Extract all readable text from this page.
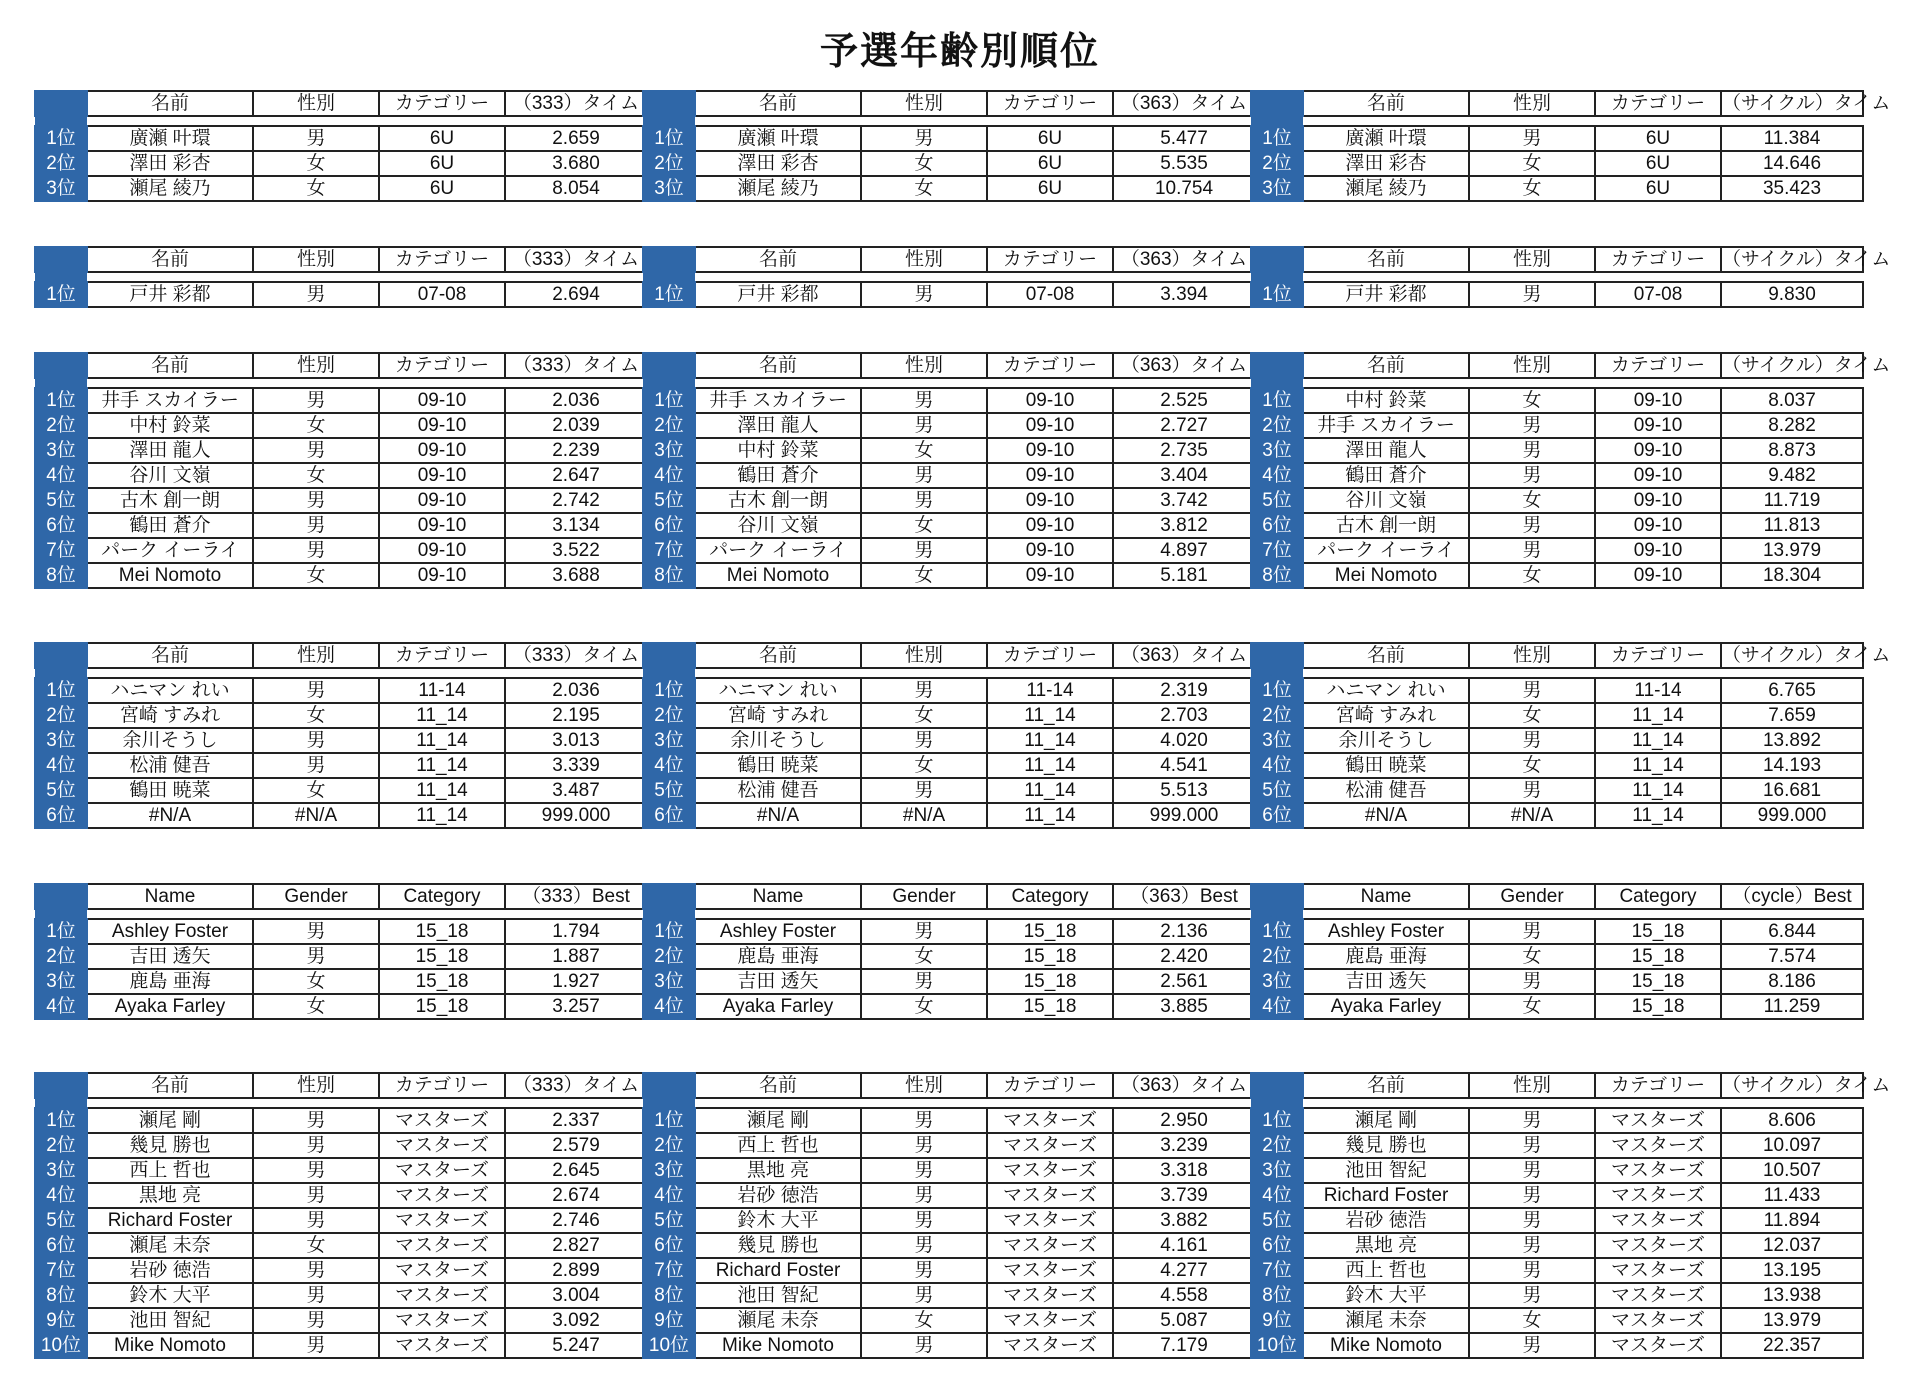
予選年齢別順位
	名前	性別	カテゴリー	（333）タイム

1位	廣瀬 叶環	男	6U	2.659
2位	澤田 彩杏	女	6U	3.680
3位	瀬尾 綾乃	女	6U	8.054
	名前	性別	カテゴリー	（363）タイム

1位	廣瀬 叶環	男	6U	5.477
2位	澤田 彩杏	女	6U	5.535
3位	瀬尾 綾乃	女	6U	10.754
	名前	性別	カテゴリー	（サイクル）タイム

1位	廣瀬 叶環	男	6U	11.384
2位	澤田 彩杏	女	6U	14.646
3位	瀬尾 綾乃	女	6U	35.423
	名前	性別	カテゴリー	（333）タイム

1位	戸井 彩都	男	07-08	2.694
	名前	性別	カテゴリー	（363）タイム

1位	戸井 彩都	男	07-08	3.394
	名前	性別	カテゴリー	（サイクル）タイム

1位	戸井 彩都	男	07-08	9.830
	名前	性別	カテゴリー	（333）タイム

1位	井手 スカイラー	男	09-10	2.036
2位	中村 鈴菜	女	09-10	2.039
3位	澤田 龍人	男	09-10	2.239
4位	谷川 文嶺	女	09-10	2.647
5位	古木 創一朗	男	09-10	2.742
6位	鶴田 蒼介	男	09-10	3.134
7位	パーク イーライ	男	09-10	3.522
8位	Mei Nomoto	女	09-10	3.688
	名前	性別	カテゴリー	（363）タイム

1位	井手 スカイラー	男	09-10	2.525
2位	澤田 龍人	男	09-10	2.727
3位	中村 鈴菜	女	09-10	2.735
4位	鶴田 蒼介	男	09-10	3.404
5位	古木 創一朗	男	09-10	3.742
6位	谷川 文嶺	女	09-10	3.812
7位	パーク イーライ	男	09-10	4.897
8位	Mei Nomoto	女	09-10	5.181
	名前	性別	カテゴリー	（サイクル）タイム

1位	中村 鈴菜	女	09-10	8.037
2位	井手 スカイラー	男	09-10	8.282
3位	澤田 龍人	男	09-10	8.873
4位	鶴田 蒼介	男	09-10	9.482
5位	谷川 文嶺	女	09-10	11.719
6位	古木 創一朗	男	09-10	11.813
7位	パーク イーライ	男	09-10	13.979
8位	Mei Nomoto	女	09-10	18.304
	名前	性別	カテゴリー	（333）タイム

1位	ハニマン れい	男	11-14	2.036
2位	宮崎 すみれ	女	11_14	2.195
3位	余川そうし	男	11_14	3.013
4位	松浦 健吾	男	11_14	3.339
5位	鶴田 暁菜	女	11_14	3.487
6位	#N/A	#N/A	11_14	999.000
	名前	性別	カテゴリー	（363）タイム

1位	ハニマン れい	男	11-14	2.319
2位	宮崎 すみれ	女	11_14	2.703
3位	余川そうし	男	11_14	4.020
4位	鶴田 暁菜	女	11_14	4.541
5位	松浦 健吾	男	11_14	5.513
6位	#N/A	#N/A	11_14	999.000
	名前	性別	カテゴリー	（サイクル）タイム

1位	ハニマン れい	男	11-14	6.765
2位	宮崎 すみれ	女	11_14	7.659
3位	余川そうし	男	11_14	13.892
4位	鶴田 暁菜	女	11_14	14.193
5位	松浦 健吾	男	11_14	16.681
6位	#N/A	#N/A	11_14	999.000
	Name	Gender	Category	（333）Best

1位	Ashley Foster	男	15_18	1.794
2位	吉田 透矢	男	15_18	1.887
3位	鹿島 亜海	女	15_18	1.927
4位	Ayaka Farley	女	15_18	3.257
	Name	Gender	Category	（363）Best

1位	Ashley Foster	男	15_18	2.136
2位	鹿島 亜海	女	15_18	2.420
3位	吉田 透矢	男	15_18	2.561
4位	Ayaka Farley	女	15_18	3.885
	Name	Gender	Category	（cycle）Best

1位	Ashley Foster	男	15_18	6.844
2位	鹿島 亜海	女	15_18	7.574
3位	吉田 透矢	男	15_18	8.186
4位	Ayaka Farley	女	15_18	11.259
	名前	性別	カテゴリー	（333）タイム

1位	瀬尾 剛	男	マスターズ	2.337
2位	幾見 勝也	男	マスターズ	2.579
3位	西上 哲也	男	マスターズ	2.645
4位	黒地 亮	男	マスターズ	2.674
5位	Richard Foster	男	マスターズ	2.746
6位	瀬尾 未奈	女	マスターズ	2.827
7位	岩砂 徳浩	男	マスターズ	2.899
8位	鈴木 大平	男	マスターズ	3.004
9位	池田 智紀	男	マスターズ	3.092
10位	Mike Nomoto	男	マスターズ	5.247
	名前	性別	カテゴリー	（363）タイム

1位	瀬尾 剛	男	マスターズ	2.950
2位	西上 哲也	男	マスターズ	3.239
3位	黒地 亮	男	マスターズ	3.318
4位	岩砂 徳浩	男	マスターズ	3.739
5位	鈴木 大平	男	マスターズ	3.882
6位	幾見 勝也	男	マスターズ	4.161
7位	Richard Foster	男	マスターズ	4.277
8位	池田 智紀	男	マスターズ	4.558
9位	瀬尾 未奈	女	マスターズ	5.087
10位	Mike Nomoto	男	マスターズ	7.179
	名前	性別	カテゴリー	（サイクル）タイム

1位	瀬尾 剛	男	マスターズ	8.606
2位	幾見 勝也	男	マスターズ	10.097
3位	池田 智紀	男	マスターズ	10.507
4位	Richard Foster	男	マスターズ	11.433
5位	岩砂 徳浩	男	マスターズ	11.894
6位	黒地 亮	男	マスターズ	12.037
7位	西上 哲也	男	マスターズ	13.195
8位	鈴木 大平	男	マスターズ	13.938
9位	瀬尾 未奈	女	マスターズ	13.979
10位	Mike Nomoto	男	マスターズ	22.357
